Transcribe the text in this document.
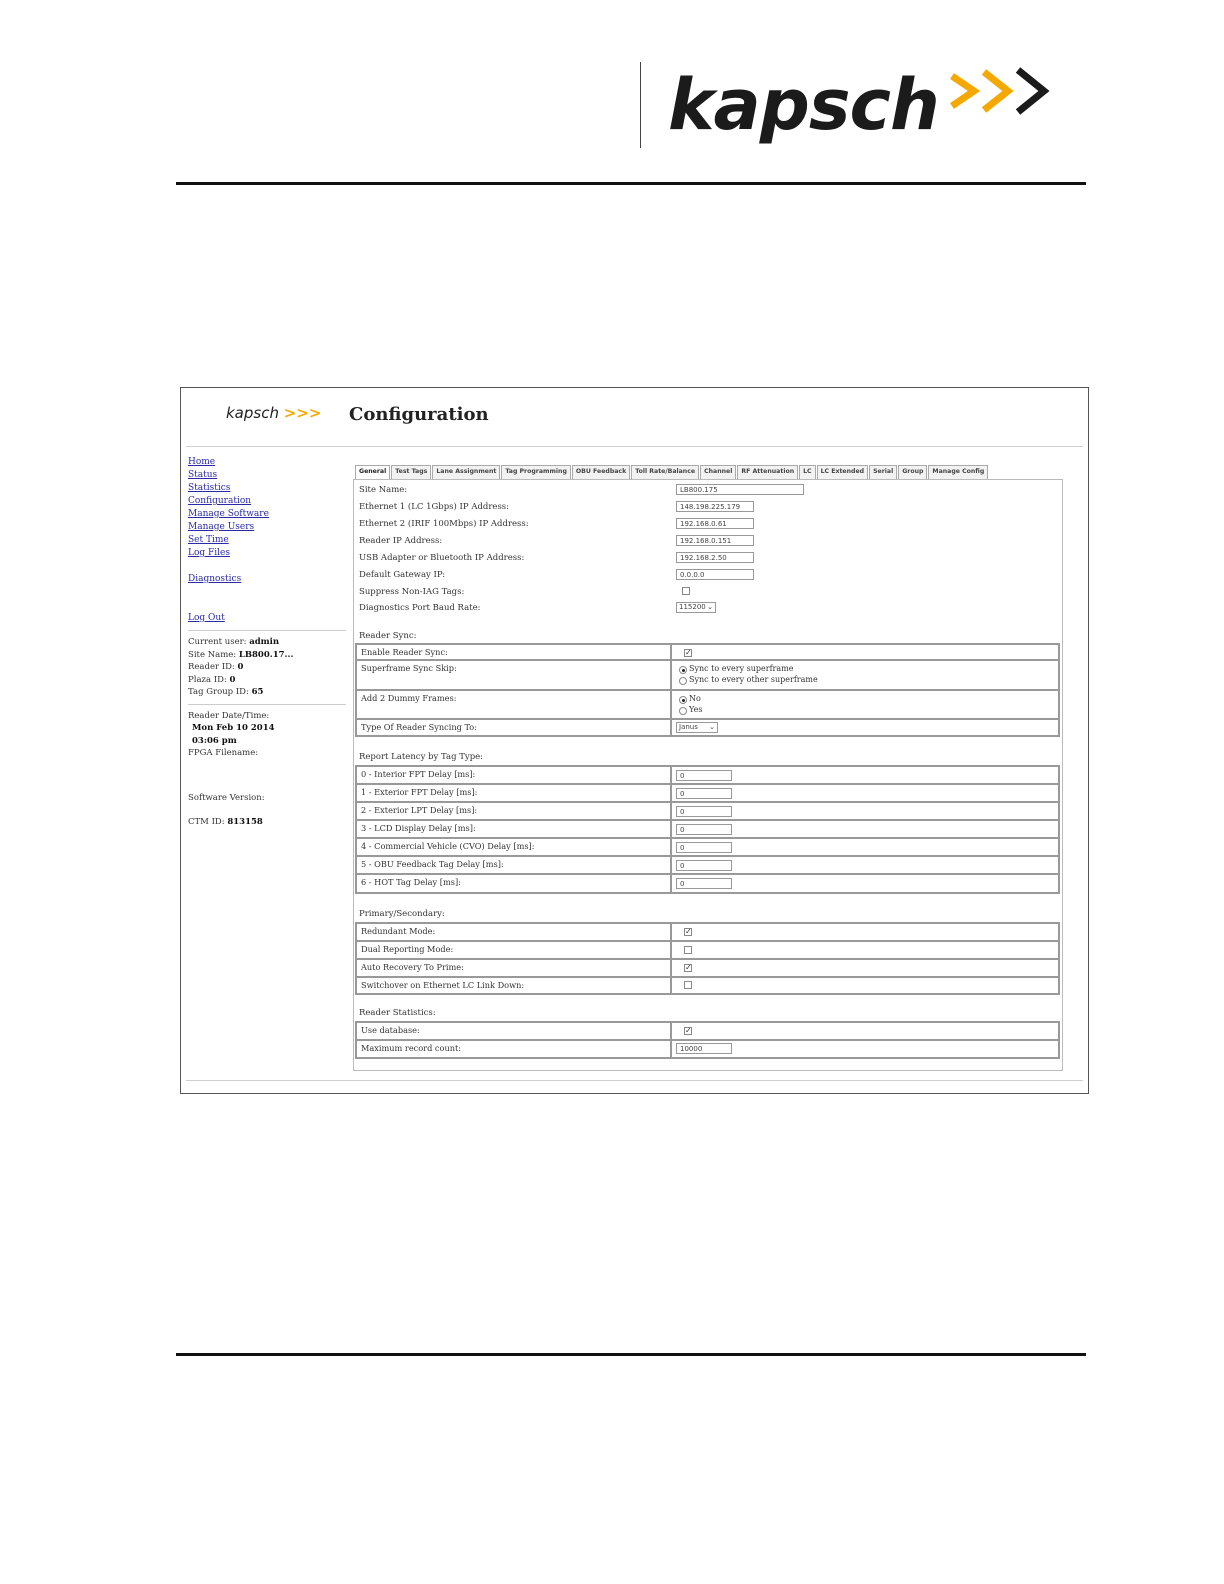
kapsch
kapsch >>> Configuration
Home
Status
Statistics
Configuration
Manage Software
Manage Users
Set Time
Log Files
Diagnostics
Log Out
Current user: admin
Site Name: LB800.17...
Reader ID: 0
Plaza ID: 0
Tag Group ID: 65
Reader Date/Time:
Mon Feb 10 2014
03:06 pm
FPGA Filename:
Software Version:
CTM ID: 813158
General	Test Tags	Lane Assignment	Tag Programming	OBU Feedback	Toll Rate/Balance	Channel	RF Attenuation	LC	LC Extended	Serial	Group	Manage Config
Site Name:	LB800.175
Ethernet 1 (LC 1Gbps) IP Address:	148.198.225.179
Ethernet 2 (IRIF 100Mbps) IP Address:	192.168.0.61
Reader IP Address:	192.168.0.151
USB Adapter or Bluetooth IP Address:	192.168.2.50
Default Gateway IP:	0.0.0.0
Suppress Non-IAG Tags:
Diagnostics Port Baud Rate:	115200 ⌄
Reader Sync:
Enable Reader Sync:	✓
Superframe Sync Skip:	Sync to every superframe
Sync to every other superframe
Add 2 Dummy Frames:	No
Yes
Type Of Reader Syncing To:	Janus ⌄
Report Latency by Tag Type:
0 - Interior FPT Delay [ms]:	0
1 - Exterior FPT Delay [ms]:	0
2 - Exterior LPT Delay [ms]:	0
3 - LCD Display Delay [ms]:	0
4 - Commercial Vehicle (CVO) Delay [ms]:	0
5 - OBU Feedback Tag Delay [ms]:	0
6 - HOT Tag Delay [ms]:	0
Primary/Secondary:
Redundant Mode:	✓
Dual Reporting Mode:
Auto Recovery To Prime:	✓
Switchover on Ethernet LC Link Down:
Reader Statistics:
Use database:	✓
Maximum record count:	10000
